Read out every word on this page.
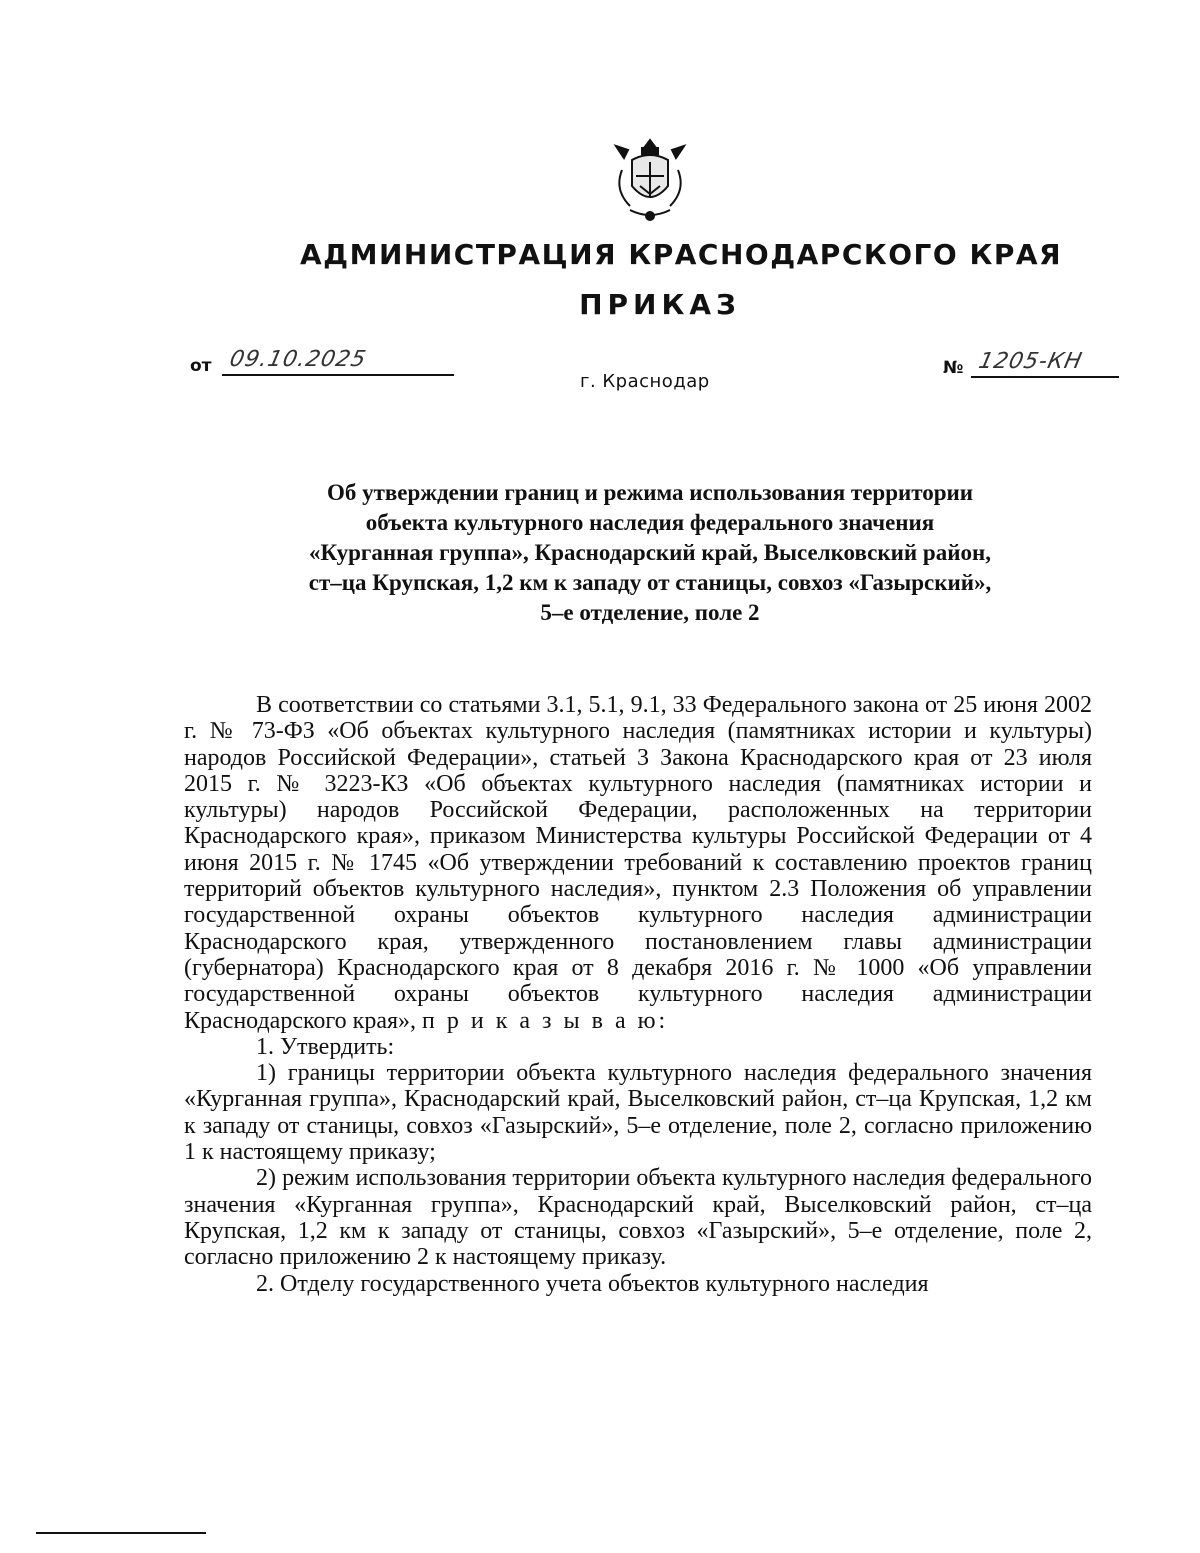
АДМИНИСТРАЦИЯ КРАСНОДАРСКОГО КРАЯ
ПРИКАЗ
от 09.10.2025	№ 1205-КН
г. Краснодар
Об утверждении границ и режима использования территории
объекта культурного наследия федерального значения
«Курганная группа», Краснодарский край, Выселковский район,
ст–ца Крупская, 1,2 км к западу от станицы, совхоз «Газырский»,
5–е отделение, поле 2

В соответствии со статьями 3.1, 5.1, 9.1, 33 Федерального закона от 25 июня 2002 г. № 73-ФЗ «Об объектах культурного наследия (памятниках истории и культуры) народов Российской Федерации», статьей 3 Закона Краснодарского края от 23 июля 2015 г. № 3223-КЗ «Об объектах культурного наследия (памятниках истории и культуры) народов Российской Федерации, расположенных на территории Краснодарского края», приказом Министерства культуры Российской Федерации от 4 июня 2015 г. № 1745 «Об утверждении требований к составлению проектов границ территорий объектов культурного наследия», пунктом 2.3 Положения об управлении государственной охраны объектов культурного наследия администрации Краснодарского края, утвержденного постановлением главы администрации (губернатора) Краснодарского края от 8 декабря 2016 г. № 1000 «Об управлении государственной охраны объектов культурного наследия администрации Краснодарского края», п р и к а з ы в а ю:

1. Утвердить:

1) границы территории объекта культурного наследия федерального значения «Курганная группа», Краснодарский край, Выселковский район, ст–ца Крупская, 1,2 км к западу от станицы, совхоз «Газырский», 5–е отделение, поле 2, согласно приложению 1 к настоящему приказу;

2) режим использования территории объекта культурного наследия федерального значения «Курганная группа», Краснодарский край, Выселковский район, ст–ца Крупская, 1,2 км к западу от станицы, совхоз «Газырский», 5–е отделение, поле 2, согласно приложению 2 к настоящему приказу.

2. Отделу государственного учета объектов культурного наследия
